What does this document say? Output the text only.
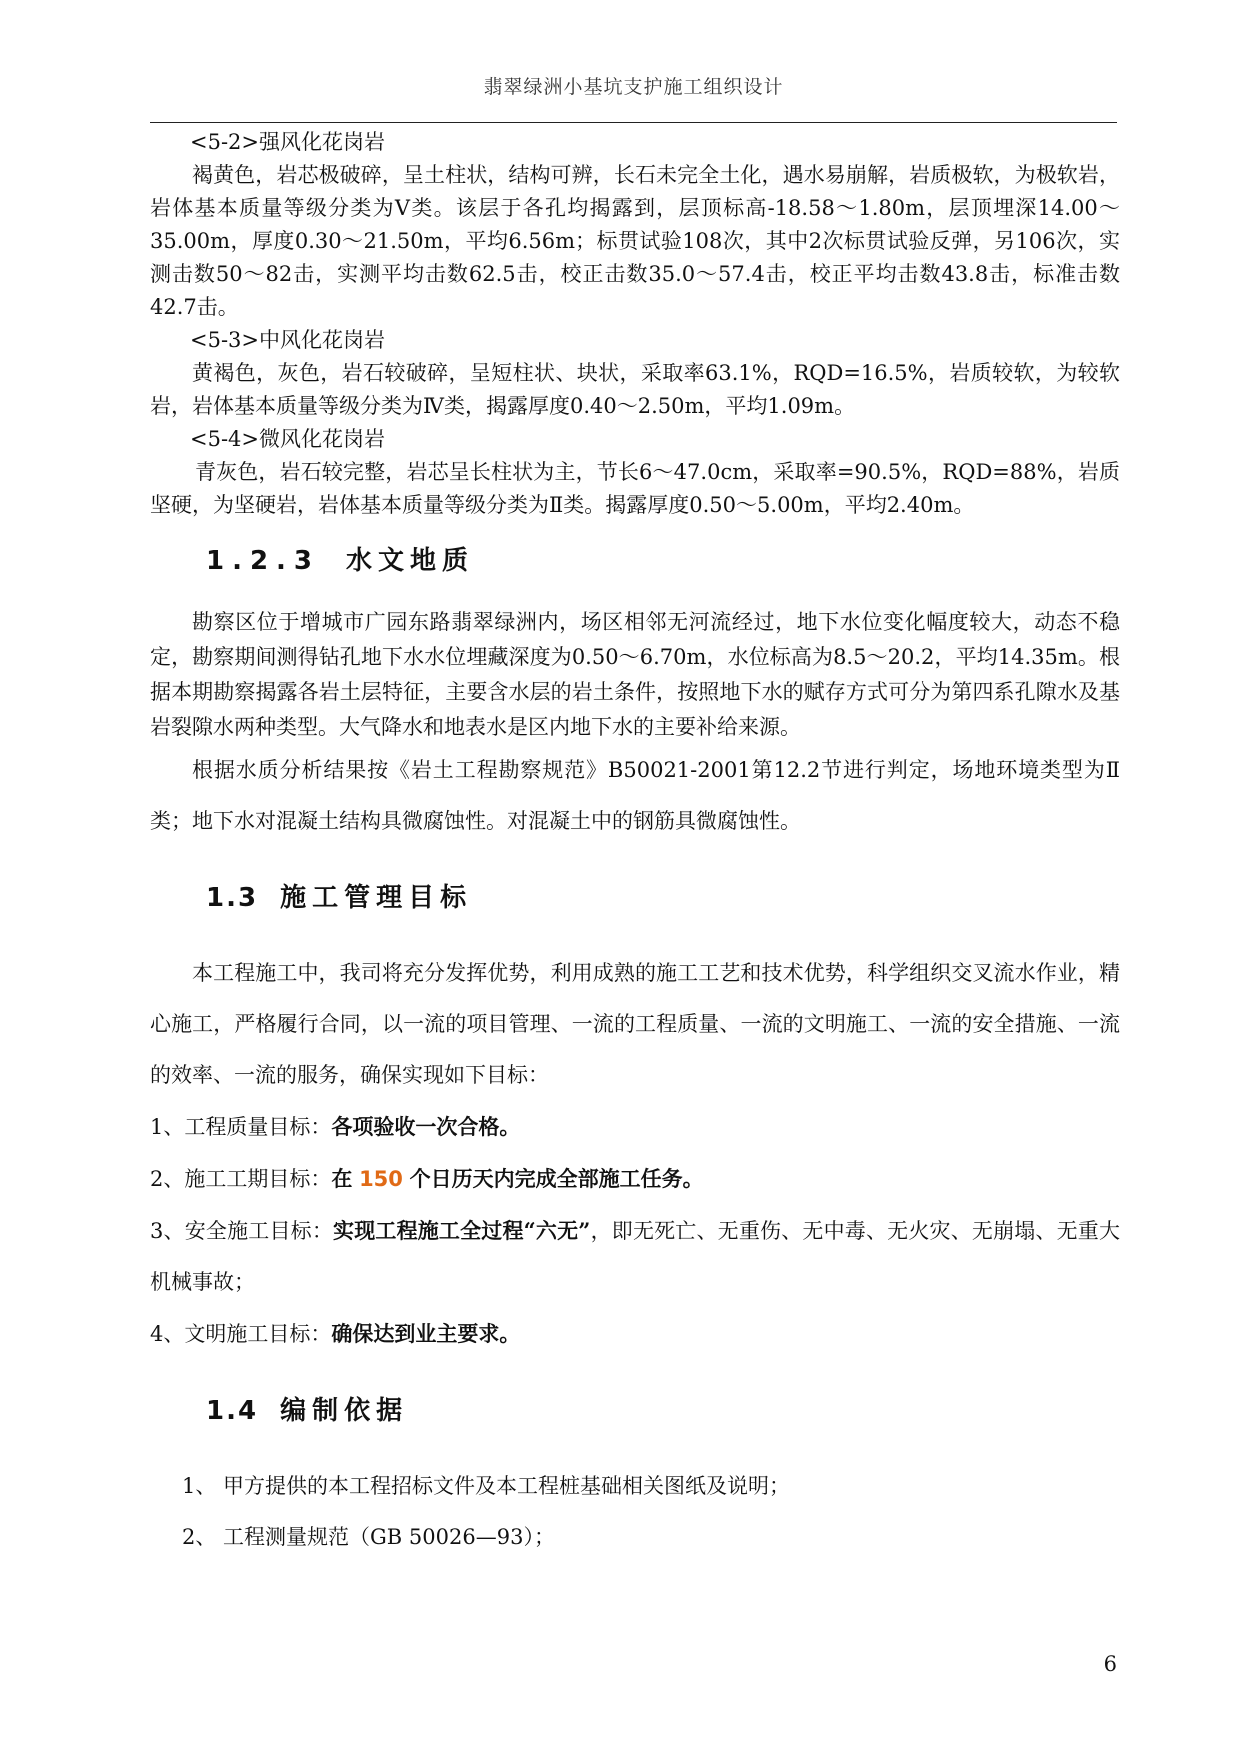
翡翠绿洲小基坑支护施工组织设计

<5-2>强风化花岗岩

褐黄色，岩芯极破碎，呈土柱状，结构可辨，长石未完全土化，遇水易崩解，岩质极软，为极软岩，岩体基本质量等级分类为Ⅴ类。该层于各孔均揭露到，层顶标高-18.58～1.80m，层顶埋深14.00～35.00m，厚度0.30～21.50m，平均6.56m；标贯试验108次，其中2次标贯试验反弹，另106次，实测击数50～82击，实测平均击数62.5击，校正击数35.0～57.4击，校正平均击数43.8击，标准击数42.7击。

<5-3>中风化花岗岩

黄褐色，灰色，岩石较破碎，呈短柱状、块状，采取率63.1%，RQD=16.5%，岩质较软，为较软岩，岩体基本质量等级分类为Ⅳ类，揭露厚度0.40～2.50m，平均1.09m。

<5-4>微风化花岗岩

青灰色，岩石较完整，岩芯呈长柱状为主，节长6～47.0cm，采取率=90.5%，RQD=88%，岩质坚硬，为坚硬岩，岩体基本质量等级分类为Ⅱ类。揭露厚度0.50～5.00m，平均2.40m。

1.2.3 水文地质

勘察区位于增城市广园东路翡翠绿洲内，场区相邻无河流经过，地下水位变化幅度较大，动态不稳定，勘察期间测得钻孔地下水水位埋藏深度为0.50～6.70m，水位标高为8.5～20.2，平均14.35m。根据本期勘察揭露各岩土层特征，主要含水层的岩土条件，按照地下水的赋存方式可分为第四系孔隙水及基岩裂隙水两种类型。大气降水和地表水是区内地下水的主要补给来源。

根据水质分析结果按《岩土工程勘察规范》B50021-2001第12.2节进行判定，场地环境类型为Ⅱ类；地下水对混凝土结构具微腐蚀性。对混凝土中的钢筋具微腐蚀性。

1.3 施工管理目标

本工程施工中，我司将充分发挥优势，利用成熟的施工工艺和技术优势，科学组织交叉流水作业，精心施工，严格履行合同，以一流的项目管理、一流的工程质量、一流的文明施工、一流的安全措施、一流的效率、一流的服务，确保实现如下目标：

1、工程质量目标：各项验收一次合格。

2、施工工期目标：在 150 个日历天内完成全部施工任务。

3、安全施工目标：实现工程施工全过程“六无”，即无死亡、无重伤、无中毒、无火灾、无崩塌、无重大机械事故；

4、文明施工目标：确保达到业主要求。

1.4 编制依据

1、 甲方提供的本工程招标文件及本工程桩基础相关图纸及说明；

2、 工程测量规范（GB 50026—93）；

6
